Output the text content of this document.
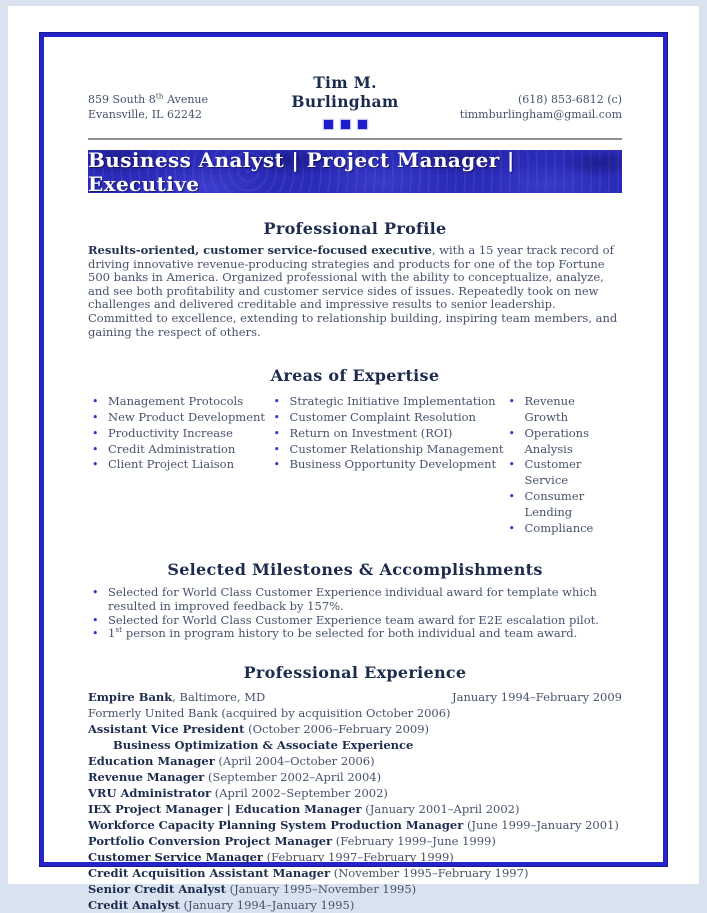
859 South 8th Avenue
Evansville, IL 62242
Tim M. Burlingham	(618) 853-6812 (c)
timmburlingham@gmail.com
Business Analyst | Project Manager | Executive
Professional Profile

Results-oriented, customer service-focused executive, with a 15 year track record of driving innovative revenue-producing strategies and products for one of the top Fortune 500 banks in America. Organized professional with the ability to conceptualize, analyze, and see both profitability and customer service sides of issues. Repeatedly took on new challenges and delivered creditable and impressive results to senior leadership. Committed to excellence, extending to relationship building, inspiring team members, and gaining the respect of others.

Areas of Expertise
• Management Protocols
• New Product Development
• Productivity Increase
• Credit Administration
• Client Project Liaison
• Strategic Initiative Implementation
• Customer Complaint Resolution
• Return on Investment (ROI)
• Customer Relationship Management
• Business Opportunity Development
• Revenue Growth
• Operations Analysis
• Customer Service
• Consumer Lending
• Compliance
Selected Milestones & Accomplishments
• Selected for World Class Customer Experience individual award for template which resulted in improved feedback by 157%.
• Selected for World Class Customer Experience team award for E2E escalation pilot.
• 1st person in program history to be selected for both individual and team award.
Professional Experience
Empire Bank, Baltimore, MD	January 1994–February 2009
Formerly United Bank (acquired by acquisition October 2006)
Assistant Vice President (October 2006–February 2009)
Business Optimization & Associate Experience
Education Manager (April 2004–October 2006)
Revenue Manager (September 2002–April 2004)
VRU Administrator (April 2002–September 2002)
IEX Project Manager | Education Manager (January 2001–April 2002)
Workforce Capacity Planning System Production Manager (June 1999–January 2001)
Portfolio Conversion Project Manager (February 1999–June 1999)
Customer Service Manager (February 1997–February 1999)
Credit Acquisition Assistant Manager (November 1995–February 1997)
Senior Credit Analyst (January 1995–November 1995)
Credit Analyst (January 1994–January 1995)
